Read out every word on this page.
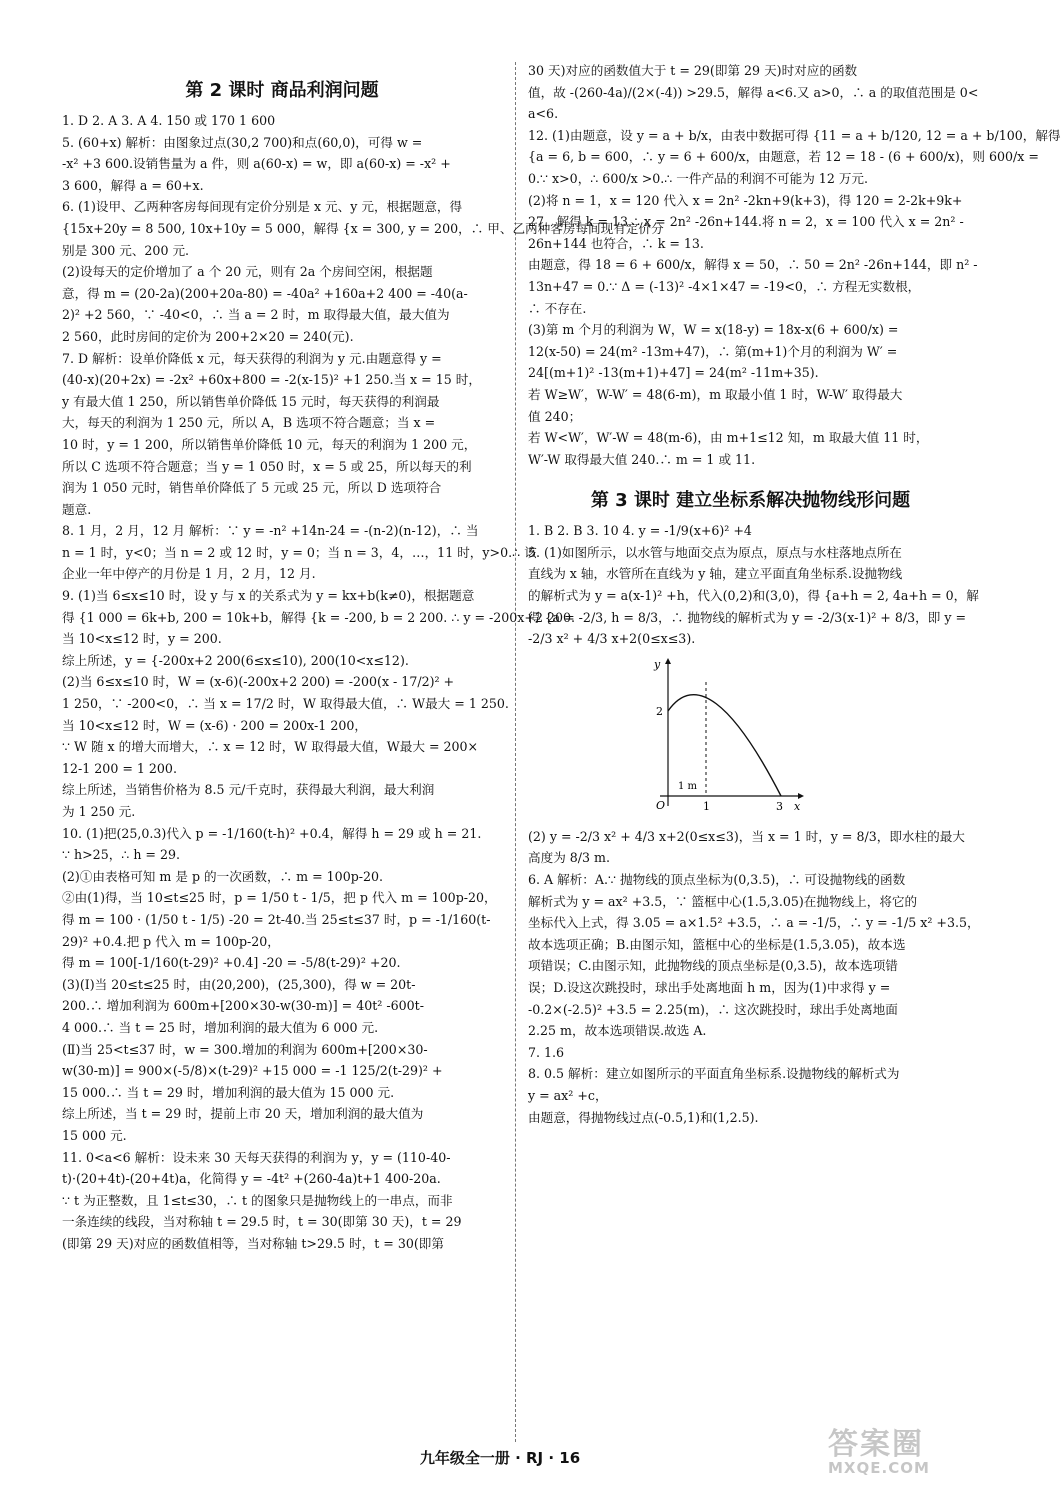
第 2 课时 商品利润问题
1. D 2. A 3. A 4. 150 或 170 1 600
5. (60+x) 解析：由图象过点(30,2 700)和点(60,0)，可得 w =
-x² +3 600.设销售量为 a 件，则 a(60-x) = w，即 a(60-x) = -x² +
3 600，解得 a = 60+x.
6. (1)设甲、乙两种客房每间现有定价分别是 x 元、y 元，根据题意，得
{15x+20y = 8 500, 10x+10y = 5 000，解得 {x = 300, y = 200，∴ 甲、乙两种客房每间现有定价分
别是 300 元、200 元.
(2)设每天的定价增加了 a 个 20 元，则有 2a 个房间空闲，根据题
意，得 m = (20-2a)(200+20a-80) = -40a² +160a+2 400 = -40(a-
2)² +2 560，∵ -40<0，∴ 当 a = 2 时，m 取得最大值，最大值为
2 560，此时房间的定价为 200+2×20 = 240(元).
7. D 解析：设单价降低 x 元，每天获得的利润为 y 元.由题意得 y =
(40-x)(20+2x) = -2x² +60x+800 = -2(x-15)² +1 250.当 x = 15 时，
y 有最大值 1 250，所以销售单价降低 15 元时，每天获得的利润最
大，每天的利润为 1 250 元，所以 A，B 选项不符合题意；当 x =
10 时，y = 1 200，所以销售单价降低 10 元，每天的利润为 1 200 元，
所以 C 选项不符合题意；当 y = 1 050 时，x = 5 或 25，所以每天的利
润为 1 050 元时，销售单价降低了 5 元或 25 元，所以 D 选项符合
题意.
8. 1 月，2 月，12 月 解析：∵ y = -n² +14n-24 = -(n-2)(n-12)，∴ 当
n = 1 时，y<0；当 n = 2 或 12 时，y = 0；当 n = 3，4，…，11 时，y>0.∴ 该
企业一年中停产的月份是 1 月，2 月，12 月.
9. (1)当 6≤x≤10 时，设 y 与 x 的关系式为 y = kx+b(k≠0)，根据题意
得 {1 000 = 6k+b, 200 = 10k+b，解得 {k = -200, b = 2 200. ∴ y = -200x+2 200.
当 10<x≤12 时，y = 200.
综上所述，y = {-200x+2 200(6≤x≤10), 200(10<x≤12).
(2)当 6≤x≤10 时，W = (x-6)(-200x+2 200) = -200(x - 17/2)² +
1 250，∵ -200<0，∴ 当 x = 17/2 时，W 取得最大值，∴ W最大 = 1 250.
当 10<x≤12 时，W = (x-6) · 200 = 200x-1 200，
∵ W 随 x 的增大而增大，∴ x = 12 时，W 取得最大值，W最大 = 200×
12-1 200 = 1 200.
综上所述，当销售价格为 8.5 元/千克时，获得最大利润，最大利润
为 1 250 元.
10. (1)把(25,0.3)代入 p = -1/160(t-h)² +0.4，解得 h = 29 或 h = 21.
∵ h>25，∴ h = 29.
(2)①由表格可知 m 是 p 的一次函数，∴ m = 100p-20.
②由(1)得，当 10≤t≤25 时，p = 1/50 t - 1/5，把 p 代入 m = 100p-20，
得 m = 100 · (1/50 t - 1/5) -20 = 2t-40.当 25≤t≤37 时，p = -1/160(t-
29)² +0.4.把 p 代入 m = 100p-20，
得 m = 100[-1/160(t-29)² +0.4] -20 = -5/8(t-29)² +20.
(3)(Ⅰ)当 20≤t≤25 时，由(20,200)，(25,300)，得 w = 20t-
200.∴ 增加利润为 600m+[200×30-w(30-m)] = 40t² -600t-
4 000.∴ 当 t = 25 时，增加利润的最大值为 6 000 元.
(Ⅱ)当 25<t≤37 时，w = 300.增加的利润为 600m+[200×30-
w(30-m)] = 900×(-5/8)×(t-29)² +15 000 = -1 125/2(t-29)² +
15 000.∴ 当 t = 29 时，增加利润的最大值为 15 000 元.
综上所述，当 t = 29 时，提前上市 20 天，增加利润的最大值为
15 000 元.
11. 0<a<6 解析：设未来 30 天每天获得的利润为 y，y = (110-40-
t)·(20+4t)-(20+4t)a，化简得 y = -4t² +(260-4a)t+1 400-20a.
∵ t 为正整数，且 1≤t≤30，∴ t 的图象只是抛物线上的一串点，而非
一条连续的线段，当对称轴 t = 29.5 时，t = 30(即第 30 天)，t = 29
(即第 29 天)对应的函数值相等，当对称轴 t>29.5 时，t = 30(即第
30 天)对应的函数值大于 t = 29(即第 29 天)时对应的函数
值，故 -(260-4a)/(2×(-4)) >29.5，解得 a<6.又 a>0，∴ a 的取值范围是 0<
a<6.
12. (1)由题意，设 y = a + b/x，由表中数据可得 {11 = a + b/120, 12 = a + b/100，解得
{a = 6, b = 600，∴ y = 6 + 600/x，由题意，若 12 = 18 - (6 + 600/x)，则 600/x =
0.∵ x>0，∴ 600/x >0.∴ 一件产品的利润不可能为 12 万元.
(2)将 n = 1，x = 120 代入 x = 2n² -2kn+9(k+3)，得 120 = 2-2k+9k+
27，解得 k = 13.∴ x = 2n² -26n+144.将 n = 2，x = 100 代入 x = 2n² -
26n+144 也符合，∴ k = 13.
由题意，得 18 = 6 + 600/x，解得 x = 50，∴ 50 = 2n² -26n+144，即 n² -
13n+47 = 0.∵ Δ = (-13)² -4×1×47 = -19<0，∴ 方程无实数根，
∴ 不存在.
(3)第 m 个月的利润为 W，W = x(18-y) = 18x-x(6 + 600/x) =
12(x-50) = 24(m² -13m+47)，∴ 第(m+1)个月的利润为 W′ =
24[(m+1)² -13(m+1)+47] = 24(m² -11m+35).
若 W≥W′，W-W′ = 48(6-m)，m 取最小值 1 时，W-W′ 取得最大
值 240；
若 W<W′，W′-W = 48(m-6)，由 m+1≤12 知，m 取最大值 11 时，
W′-W 取得最大值 240.∴ m = 1 或 11.
第 3 课时 建立坐标系解决抛物线形问题
1. B 2. B 3. 10 4. y = -1/9(x+6)² +4
5. (1)如图所示，以水管与地面交点为原点，原点与水柱落地点所在
直线为 x 轴，水管所在直线为 y 轴，建立平面直角坐标系.设抛物线
的解析式为 y = a(x-1)² +h，代入(0,2)和(3,0)，得 {a+h = 2, 4a+h = 0，解
得 {a = -2/3, h = 8/3，∴ 抛物线的解析式为 y = -2/3(x-1)² + 8/3，即 y =
-2/3 x² + 4/3 x+2(0≤x≤3).
y
x
O
2
1	3
1 m
(2) y = -2/3 x² + 4/3 x+2(0≤x≤3)，当 x = 1 时，y = 8/3，即水柱的最大
高度为 8/3 m.
6. A 解析：A.∵ 抛物线的顶点坐标为(0,3.5)，∴ 可设抛物线的函数
解析式为 y = ax² +3.5，∵ 篮框中心(1.5,3.05)在抛物线上，将它的
坐标代入上式，得 3.05 = a×1.5² +3.5，∴ a = -1/5，∴ y = -1/5 x² +3.5，
故本选项正确；B.由图示知，篮框中心的坐标是(1.5,3.05)，故本选
项错误；C.由图示知，此抛物线的顶点坐标是(0,3.5)，故本选项错
误；D.设这次跳投时，球出手处离地面 h m，因为(1)中求得 y =
-0.2×(-2.5)² +3.5 = 2.25(m)，∴ 这次跳投时，球出手处离地面
2.25 m，故本选项错误.故选 A.
7. 1.6
8. 0.5 解析：建立如图所示的平面直角坐标系.设抛物线的解析式为
y = ax² +c，
由题意，得抛物线过点(-0.5,1)和(1,2.5).
九年级全一册 · RJ · 16	答案圈
MXQE.COM
